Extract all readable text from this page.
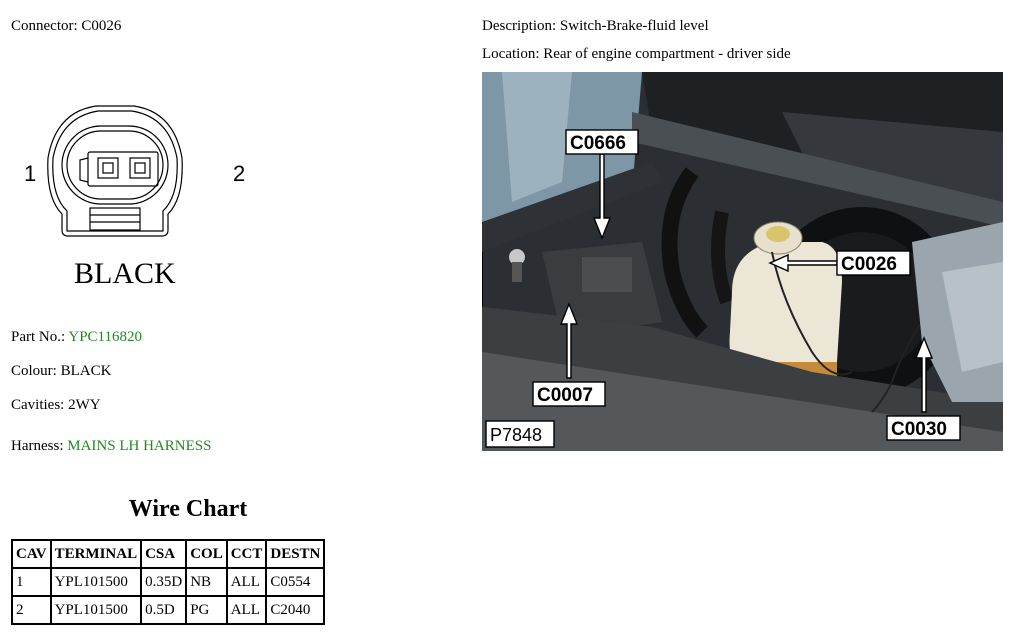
Connector: C0026	Description: Switch-Brake-fluid level
Location: Rear of engine compartment - driver side
1	2
BLACK
Part No.: YPC116820
Colour: BLACK
Cavities: 2WY
Harness: MAINS LH HARNESS
C0666
C0026
C0007
C0030
P7848
Wire Chart
CAV	TERMINAL	CSA	COL	CCT	DESTN
1	YPL101500	0.35D	NB	ALL	C0554
2	YPL101500	0.5D	PG	ALL	C2040
